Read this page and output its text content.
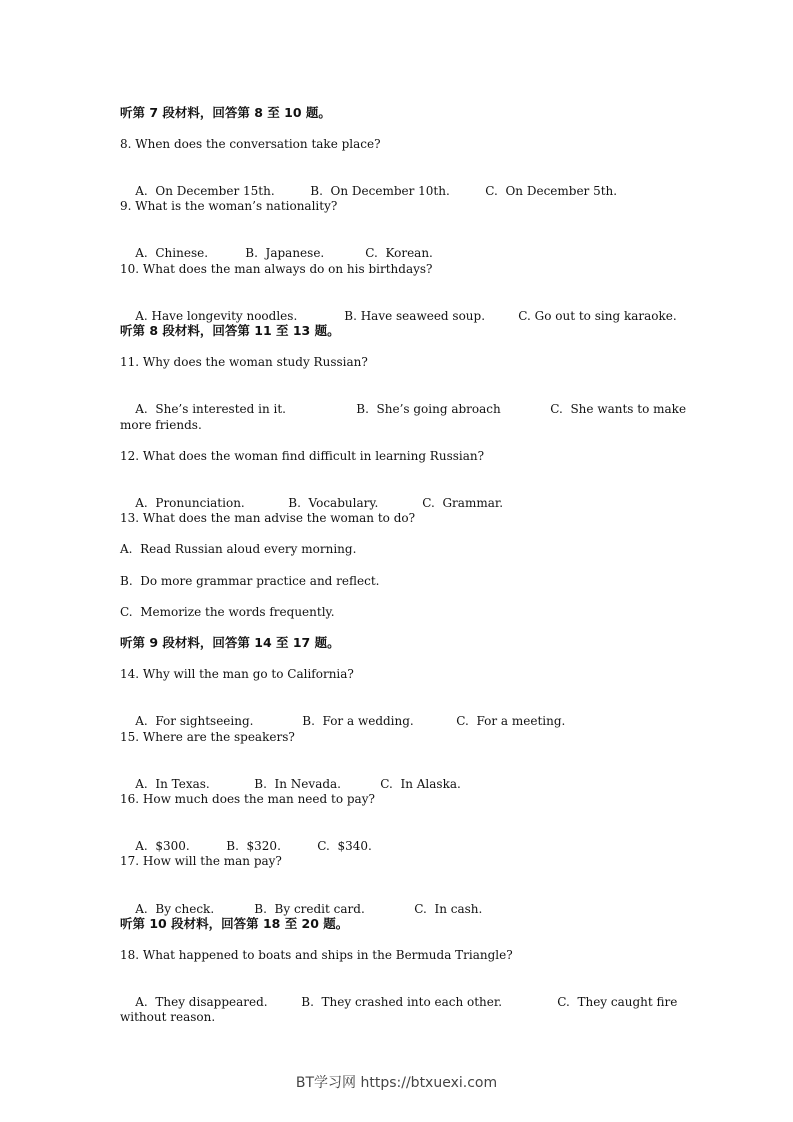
听第 7 段材料，回答第 8 至 10 题。
8. When does the conversation take place?

A.  On December 15th.	B.  On December 10th.	C.  On December 5th.

9. What is the woman’s nationality?

A.  Chinese.	B.  Japanese.	C.  Korean.

10. What does the man always do on his birthdays?

A. Have longevity noodles.	B. Have seaweed soup.	C. Go out to sing karaoke.

听第 8 段材料，回答第 11 至 13 题。
11. Why does the woman study Russian?

A.  She’s interested in it.	B.  She’s going abroach	C.  She wants to make

more friends.
12. What does the woman find difficult in learning Russian?

A.  Pronunciation.	B.  Vocabulary.	C.  Grammar.

13. What does the man advise the woman to do?
A.  Read Russian aloud every morning.
B.  Do more grammar practice and reflect.
C.  Memorize the words frequently.
听第 9 段材料，回答第 14 至 17 题。
14. Why will the man go to California?

A.  For sightseeing.	B.  For a wedding.	C.  For a meeting.

15. Where are the speakers?

A.  In Texas.	B.  In Nevada.	C.  In Alaska.

16. How much does the man need to pay?

A.  $300.	B.  $320.	C.  $340.

17. How will the man pay?

A.  By check.	B.  By credit card.	C.  In cash.

听第 10 段材料，回答第 18 至 20 题。
18. What happened to boats and ships in the Bermuda Triangle?

A.  They disappeared.	B.  They crashed into each other.	C.  They caught fire

without reason.
BT学习网 https://btxuexi.com
